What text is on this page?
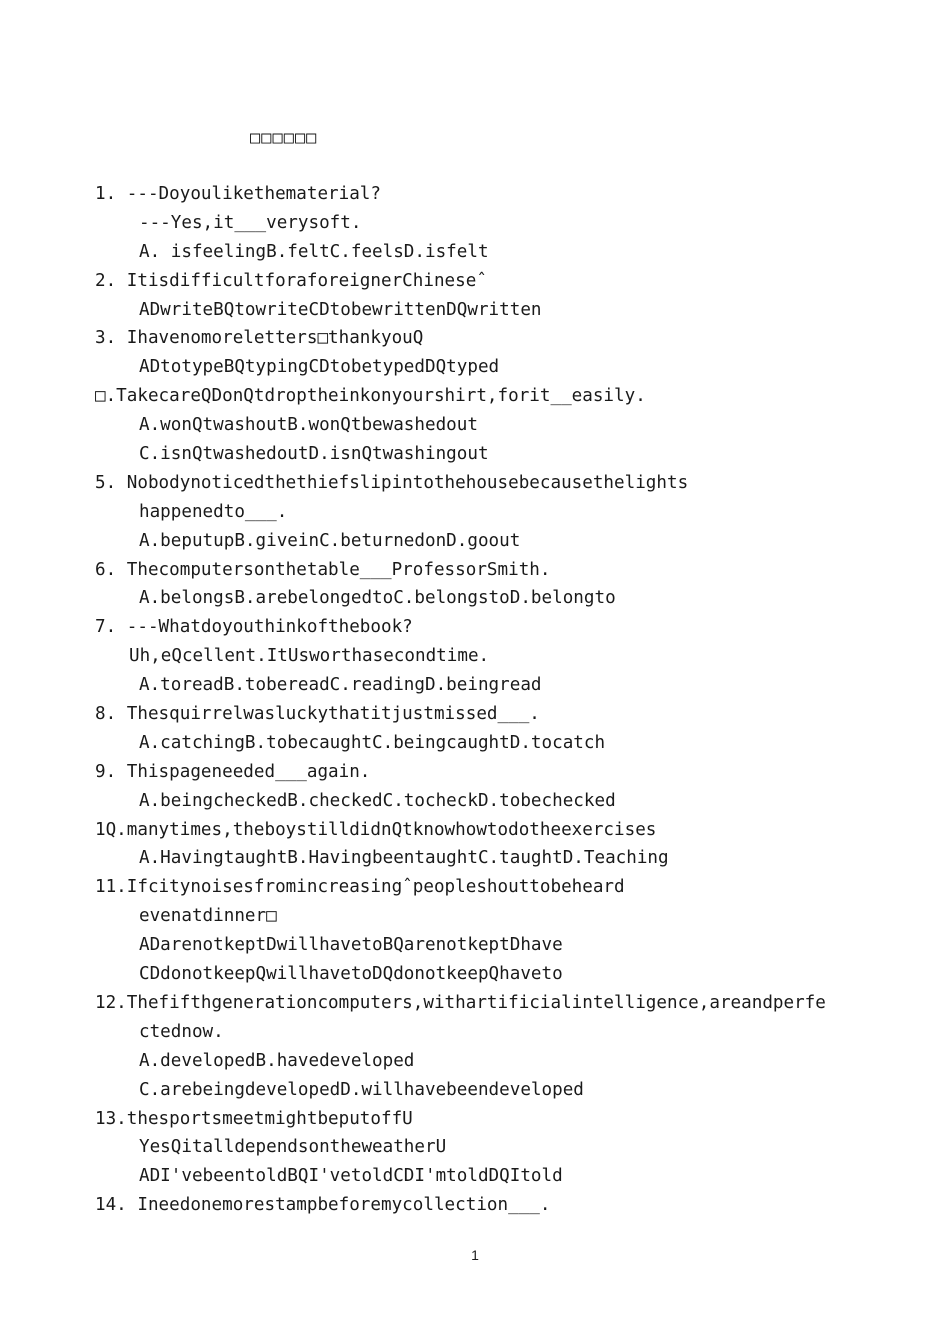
□□□□□□
1. ---Doyoulikethematerial?
---Yes,it___verysoft.
A. isfeelingB.feltC.feelsD.isfelt
2. ItisdifficultforaforeignerChineseˆ
ADwriteBQtowriteCDtobewrittenDQwritten
3. Ihavenomoreletters□thankyouQ
ADtotypeBQtypingCDtobetypedDQtyped
□.TakecareQDonQtdroptheinkonyourshirt,forit__easily.
A.wonQtwashoutB.wonQtbewashedout
C.isnQtwashedoutD.isnQtwashingout
5. Nobodynoticedthethiefslipintothehousebecausethelights
happenedto___.
A.beputupB.giveinC.beturnedonD.goout
6. Thecomputersonthetable___ProfessorSmith.
A.belongsB.arebelongedtoC.belongstoD.belongto
7. ---Whatdoyouthinkofthebook?
Uh,eQcellent.ItUsworthasecondtime.
A.toreadB.tobereadC.readingD.beingread
8. Thesquirrelwasluckythatitjustmissed___.
A.catchingB.tobecaughtC.beingcaughtD.tocatch
9. Thispageneeded___again.
A.beingcheckedB.checkedC.tocheckD.tobechecked
1Q.manytimes,theboystilldidnQtknowhowtodotheexercises
A.HavingtaughtB.HavingbeentaughtC.taughtD.Teaching
11.Ifcitynoisesfromincreasingˆpeopleshouttobeheard
evenatdinner□
ADarenotkeptDwillhavetoBQarenotkeptDhave
CDdonotkeepQwillhavetoDQdonotkeepQhaveto
12.Thefifthgenerationcomputers,withartificialintelligence,areandperfe
ctednow.
A.developedB.havedeveloped
C.arebeingdevelopedD.willhavebeendeveloped
13.thesportsmeetmightbeputoffU
YesQitalldependsontheweatherU
ADI'vebeentoldBQI'vetoldCDI'mtoldDQItold
14. Ineedonemorestampbeforemycollection___.
1
